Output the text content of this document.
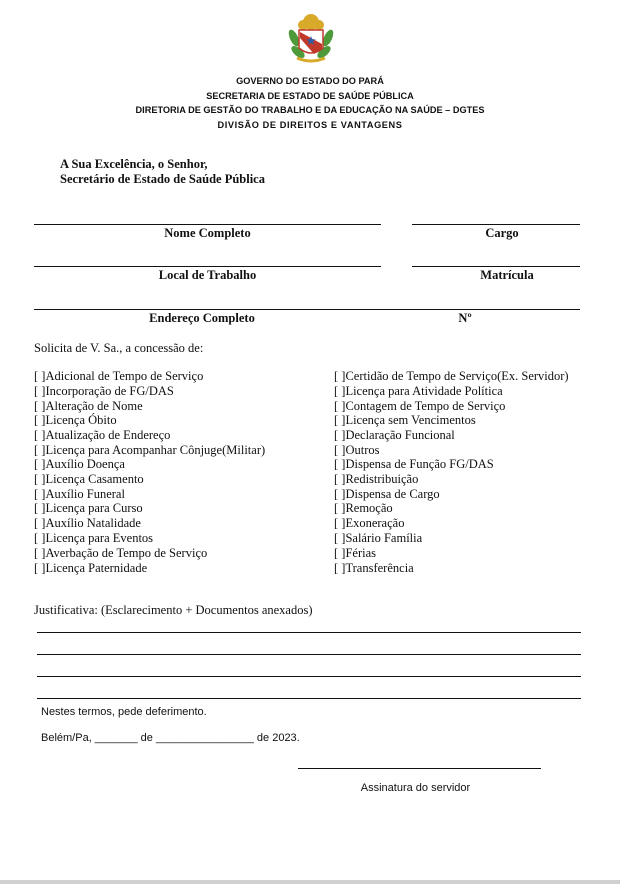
GOVERNO DO ESTADO DO PARÁ
SECRETARIA DE ESTADO DE SAÚDE PÚBLICA
DIRETORIA DE GESTÃO DO TRABALHO E DA EDUCAÇÃO NA SAÚDE – DGTES
DIVISÃO DE DIREITOS E VANTAGENS
A Sua Excelência, o Senhor,
Secretário de Estado de Saúde Pública
Nome Completo	Cargo
Local de Trabalho	Matrícula
Endereço Completo	Nº
Solicita de V. Sa., a concessão de:
[ ]Adicional de Tempo de Serviço
[ ]Incorporação de FG/DAS
[ ]Alteração de Nome
[ ]Licença Óbito
[ ]Atualização de Endereço
[ ]Licença para Acompanhar Cônjuge(Militar)
[ ]Auxílio Doença
[ ]Licença Casamento
[ ]Auxílio Funeral
[ ]Licença para Curso
[ ]Auxílio Natalidade
[ ]Licença para Eventos
[ ]Averbação de Tempo de Serviço
[ ]Licença Paternidade
[ ]Certidão de Tempo de Serviço(Ex. Servidor)
[ ]Licença para Atividade Política
[ ]Contagem de Tempo de Serviço
[ ]Licença sem Vencimentos
[ ]Declaração Funcional
[ ]Outros
[ ]Dispensa de Função FG/DAS
[ ]Redistribuição
[ ]Dispensa de Cargo
[ ]Remoção
[ ]Exoneração
[ ]Salário Família
[ ]Férias
[ ]Transferência
Justificativa: (Esclarecimento + Documentos anexados)
Nestes termos, pede deferimento.
Belém/Pa, _______ de ________________ de 2023.
Assinatura do servidor
